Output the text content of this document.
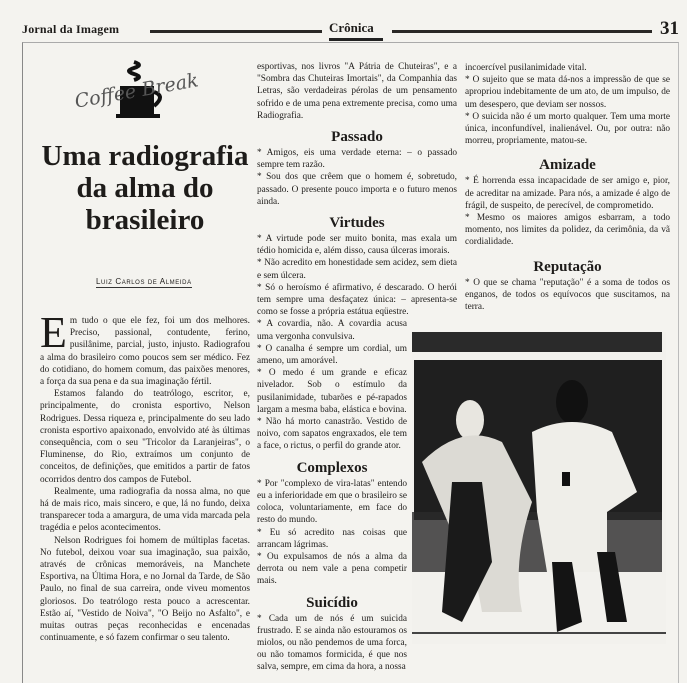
Jornal da Imagem	Crônica	31
Coffee Break
Uma radiografia
da alma do
brasileiro
Luiz Carlos de Almeida

Em tudo o que ele fez, foi um dos melhores. Preciso, passional, contudente, ferino, pusilânime, parcial, justo, injusto. Radiografou a alma do brasileiro como poucos sem ser médico. Fez do cotidiano, do homem comum, das paixões menores, a força da sua pena e da sua imaginação fértil.

Estamos falando do teatrólogo, escritor, e, principalmente, do cronista esportivo, Nelson Rodrigues. Dessa riqueza e, principalmente do seu lado cronista esportivo apaixonado, envolvido até às últimas consequência, com o seu "Tricolor da Laranjeiras", o Fluminense, do Rio, extraímos um conjunto de conceitos, de definições, que emitidos a partir de fatos ocorridos dentro dos campos de Futebol.

Realmente, uma radiografia da nossa alma, no que há de mais rico, mais sincero, e que, lá no fundo, deixa transparecer toda a amargura, de uma vida marcada pela tragédia e pelos acontecimentos.

Nelson Rodrigues foi homem de múltiplas facetas. No futebol, deixou voar sua imaginação, sua paixão, através de crônicas memoráveis, na Manchete Esportiva, na Última Hora, e no Jornal da Tarde, de São Paulo, no final de sua carreira, onde viveu momentos gloriosos. Do teatrólogo resta pouco a acrescentar. Estão aí, "Vestido de Noiva", "O Beijo no Asfalto", e muitas outras peças reconhecidas e encenadas continuamente, e só fazem confirmar o seu talento.

esportivas, nos livros "A Pátria de Chuteiras", e a "Sombra das Chuteiras Imortais", da Companhia das Letras, são verdadeiras pérolas de um pensamento sofrido e de uma pena extremente precisa, como uma Radiografia.

Passado

* Amigos, eis uma verdade eterna: – o passado sempre tem razão.

* Sou dos que crêem que o homem é, sobretudo, passado. O presente pouco importa e o futuro menos ainda.

Virtudes

* A virtude pode ser muito bonita, mas exala um tédio homicida e, além disso, causa úlceras imorais.

* Não acredito em honestidade sem acidez, sem dieta e sem úlcera.

* Só o heroísmo é afirmativo, é descarado. O herói tem sempre uma desfaçatez única: – apresenta-se como se fosse a própria estátua eqüestre.

* A covardia, não. A covardia acusa uma vergonha convulsiva.

* O canalha é sempre um cordial, um ameno, um amorável.

* O medo é um grande e eficaz nivelador. Sob o estímulo da pusilanimidade, tubarões e pé-rapados largam a mesma baba, elástica e bovina.

* Não há morto canastrão. Vestido de noivo, com sapatos engraxados, ele tem a face, o rictus, o perfil do grande ator.

Complexos

* Por "complexo de vira-latas" entendo eu a inferioridade em que o brasileiro se coloca, voluntariamente, em face do resto do mundo.

* Eu só acredito nas coisas que arrancam lágrimas.

* Ou expulsamos de nós a alma da derrota ou nem vale a pena competir mais.

Suicídio

* Cada um de nós é um suicida frustrado. E se ainda não estouramos os miolos, ou não pendemos de uma forca, ou não tomamos formicida, é que nos salva, sempre, em cima da hora, a nossa

incoercível pusilanimidade vital.

* O sujeito que se mata dá-nos a impressão de que se apropriou indebitamente de um ato, de um impulso, de um desespero, que deviam ser nossos.

* O suicida não é um morto qualquer. Tem uma morte única, inconfundível, inalienável. Ou, por outra: não morreu, propriamente, matou-se.

Amizade

* É horrenda essa incapacidade de ser amigo e, pior, de acreditar na amizade. Para nós, a amizade é algo de frágil, de suspeito, de perecível, de comprometido.

* Mesmo os maiores amigos esbarram, a todo momento, nos limites da polidez, da cerimônia, da vã cordialidade.

Reputação

* O que se chama "reputação" é a soma de todos os enganos, de todos os equívocos que suscitamos, na terra.
